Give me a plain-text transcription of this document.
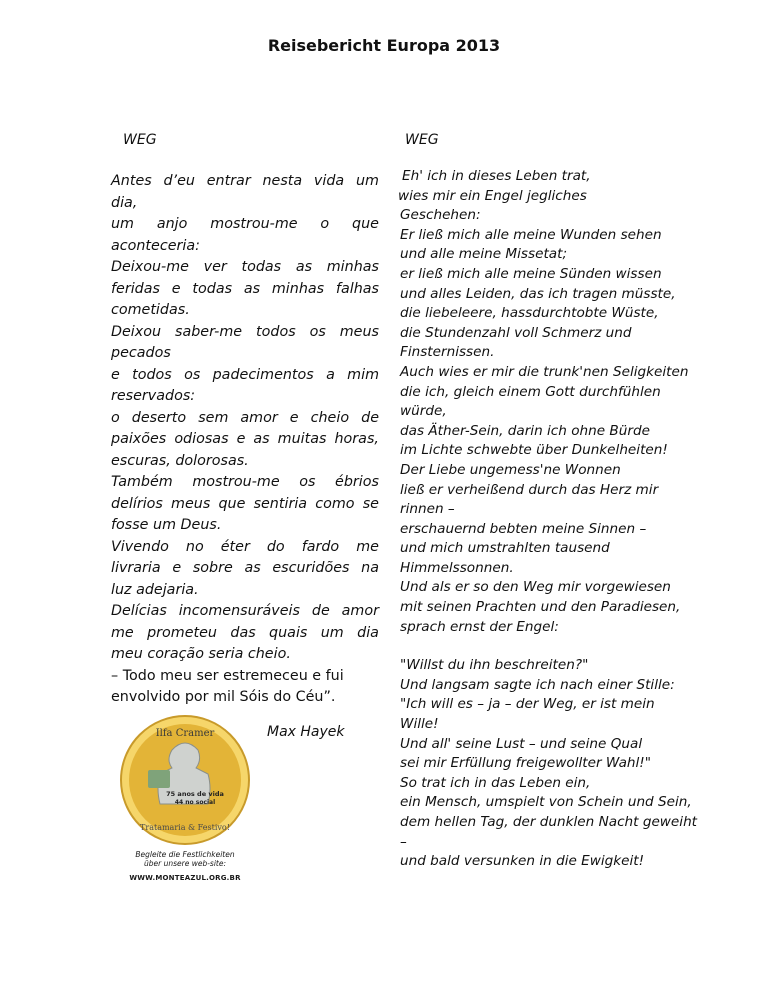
Reisebericht Europa 2013
WEG	WEG
Antes d’eu entrar nesta vida um
dia,
um anjo mostrou-me o que
aconteceria:
Deixou-me ver todas as minhas
feridas e todas as minhas falhas
cometidas.
Deixou saber-me todos os meus
pecados
e todos os padecimentos a mim
reservados:
o deserto sem amor e cheio de
paixões odiosas e as muitas horas,
escuras, dolorosas.
Também mostrou-me os ébrios
delírios meus que sentiria como se
fosse um Deus.
Vivendo no éter do fardo me
livraria e sobre as escuridões na
luz adejaria.
Delícias incomensuráveis de amor
me prometeu das quais um dia
meu coração seria cheio.
– Todo meu ser estremeceu e fui
envolvido por mil Sóis do Céu”.
Eh' ich in dieses Leben trat,
wies mir ein Engel jegliches
Geschehen:
Er ließ mich alle meine Wunden sehen
und alle meine Missetat;
er ließ mich alle meine Sünden wissen
und alles Leiden, das ich tragen müsste,
die liebeleere, hassdurchtobte Wüste,
die Stundenzahl voll Schmerz und
Finsternissen.
Auch wies er mir die trunk'nen Seligkeiten
die ich, gleich einem Gott durchfühlen
würde,
das Äther-Sein, darin ich ohne Bürde
im Lichte schwebte über Dunkelheiten!
Der Liebe ungemess'ne Wonnen
ließ er verheißend durch das Herz mir
rinnen –
erschauernd bebten meine Sinnen –
und mich umstrahlten tausend
Himmelssonnen.
Und als er so den Weg mir vorgewiesen
mit seinen Prachten und den Paradiesen,
sprach ernst der Engel:
"Willst du ihn beschreiten?"
Und langsam sagte ich nach einer Stille:
"Ich will es – ja – der Weg, er ist mein
Wille!
Und all' seine Lust – und seine Qual
sei mir Erfüllung freigewollter Wahl!"
So trat ich in das Leben ein,
ein Mensch, umspielt von Schein und Sein,
dem hellen Tag, der dunklen Nacht geweiht
–
und bald versunken in die Ewigkeit!
Max Hayek
Ilfa Cramer
75 anos de vida
44 no social
Tratamaria & Festivo!
Begleite die Festlichkeiten
über unsere web-site:
WWW.MONTEAZUL.ORG.BR
